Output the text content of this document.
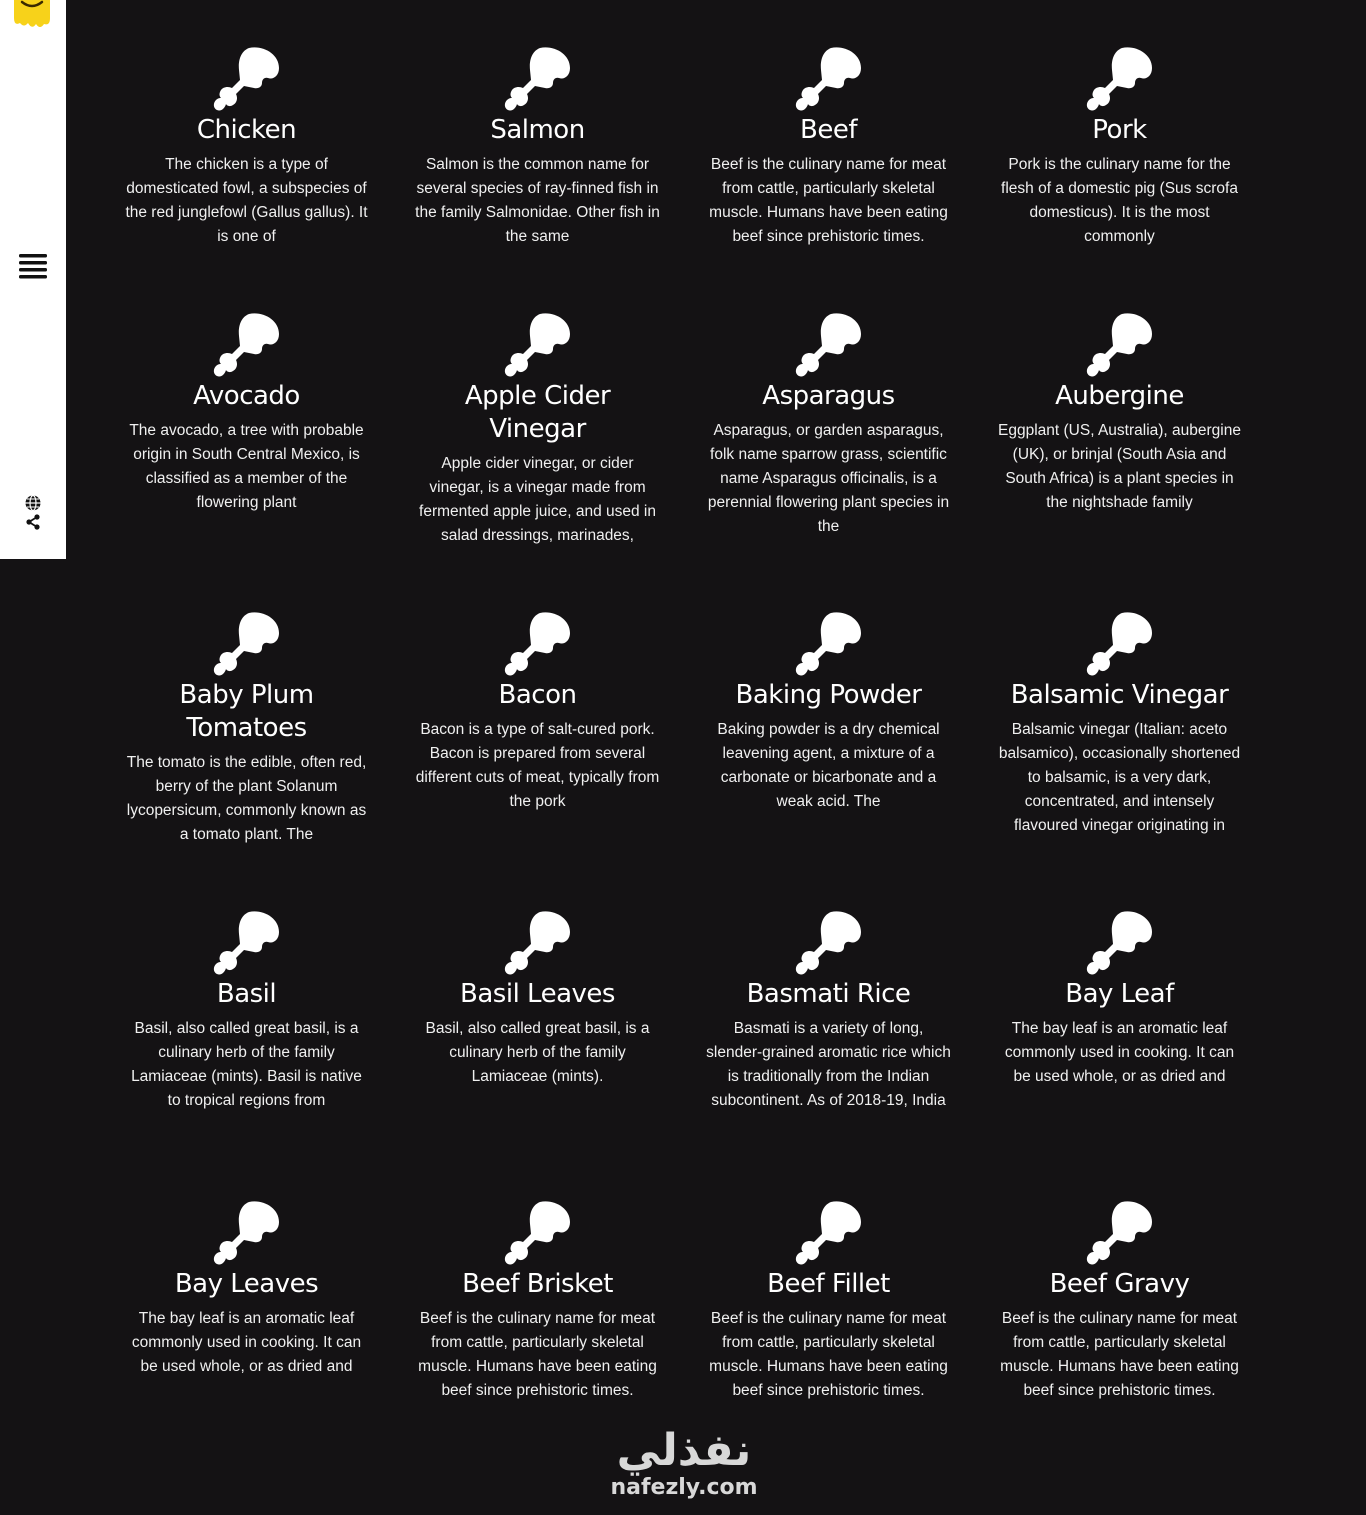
Chicken

The chicken is a type of domesticated fowl, a subspecies of the red junglefowl (Gallus gallus). It is one of

Salmon

Salmon is the common name for several species of ray-finned fish in the family Salmonidae. Other fish in the same

Beef

Beef is the culinary name for meat from cattle, particularly skeletal muscle. Humans have been eating beef since prehistoric times.

Pork

Pork is the culinary name for the flesh of a domestic pig (Sus scrofa domesticus). It is the most commonly

Avocado

The avocado, a tree with probable origin in South Central Mexico, is classified as a member of the flowering plant

Apple Cider Vinegar

Apple cider vinegar, or cider vinegar, is a vinegar made from fermented apple juice, and used in salad dressings, marinades,

Asparagus

Asparagus, or garden asparagus, folk name sparrow grass, scientific name Asparagus officinalis, is a perennial flowering plant species in the

Aubergine

Eggplant (US, Australia), aubergine (UK), or brinjal (South Asia and South Africa) is a plant species in the nightshade family

Baby Plum Tomatoes

The tomato is the edible, often red, berry of the plant Solanum lycopersicum, commonly known as a tomato plant. The

Bacon

Bacon is a type of salt-cured pork. Bacon is prepared from several different cuts of meat, typically from the pork

Baking Powder

Baking powder is a dry chemical leavening agent, a mixture of a carbonate or bicarbonate and a weak acid. The

Balsamic Vinegar

Balsamic vinegar (Italian: aceto balsamico), occasionally shortened to balsamic, is a very dark, concentrated, and intensely flavoured vinegar originating in

Basil

Basil, also called great basil, is a culinary herb of the family Lamiaceae (mints). Basil is native to tropical regions from

Basil Leaves

Basil, also called great basil, is a culinary herb of the family Lamiaceae (mints).

Basmati Rice

Basmati is a variety of long, slender-grained aromatic rice which is traditionally from the Indian subcontinent. As of 2018-19, India

Bay Leaf

The bay leaf is an aromatic leaf commonly used in cooking. It can be used whole, or as dried and

Bay Leaves

The bay leaf is an aromatic leaf commonly used in cooking. It can be used whole, or as dried and

Beef Brisket

Beef is the culinary name for meat from cattle, particularly skeletal muscle. Humans have been eating beef since prehistoric times.

Beef Fillet

Beef is the culinary name for meat from cattle, particularly skeletal muscle. Humans have been eating beef since prehistoric times.

Beef Gravy

Beef is the culinary name for meat from cattle, particularly skeletal muscle. Humans have been eating beef since prehistoric times.

نفذلي
nafezly.com
